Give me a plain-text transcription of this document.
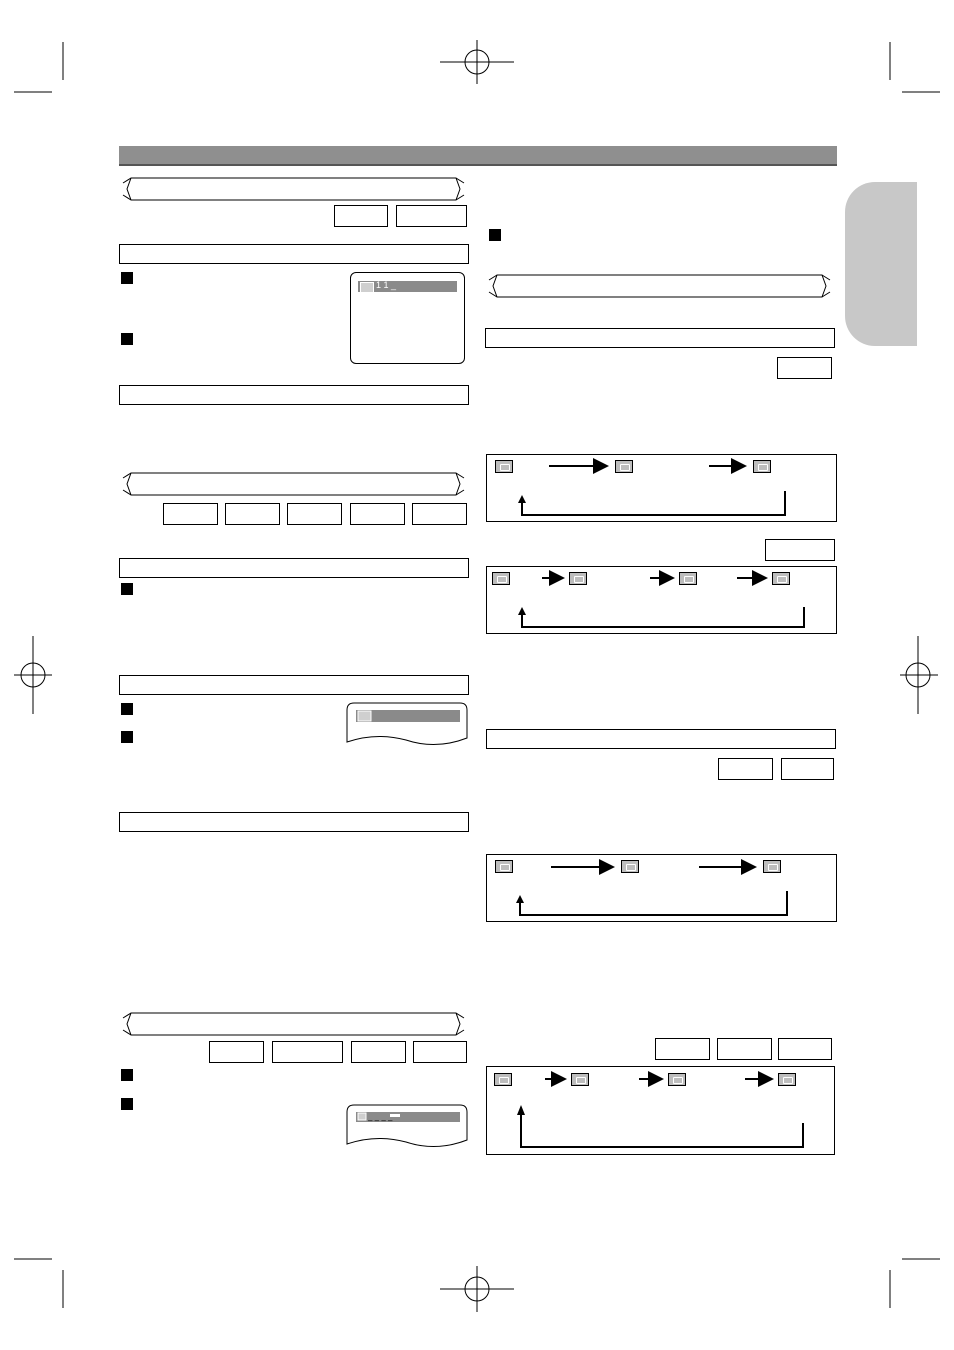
1 1 _
– – – –
